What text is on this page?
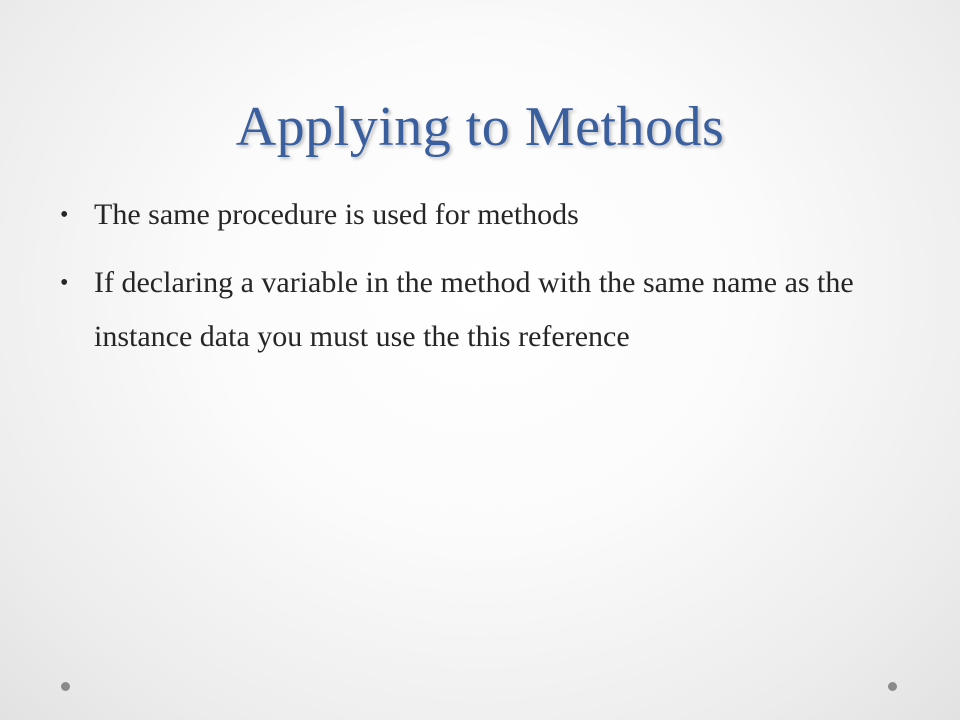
Applying to Methods
• The same procedure is used for methods
• If declaring a variable in the method with the same name as the instance data you must use the this reference
